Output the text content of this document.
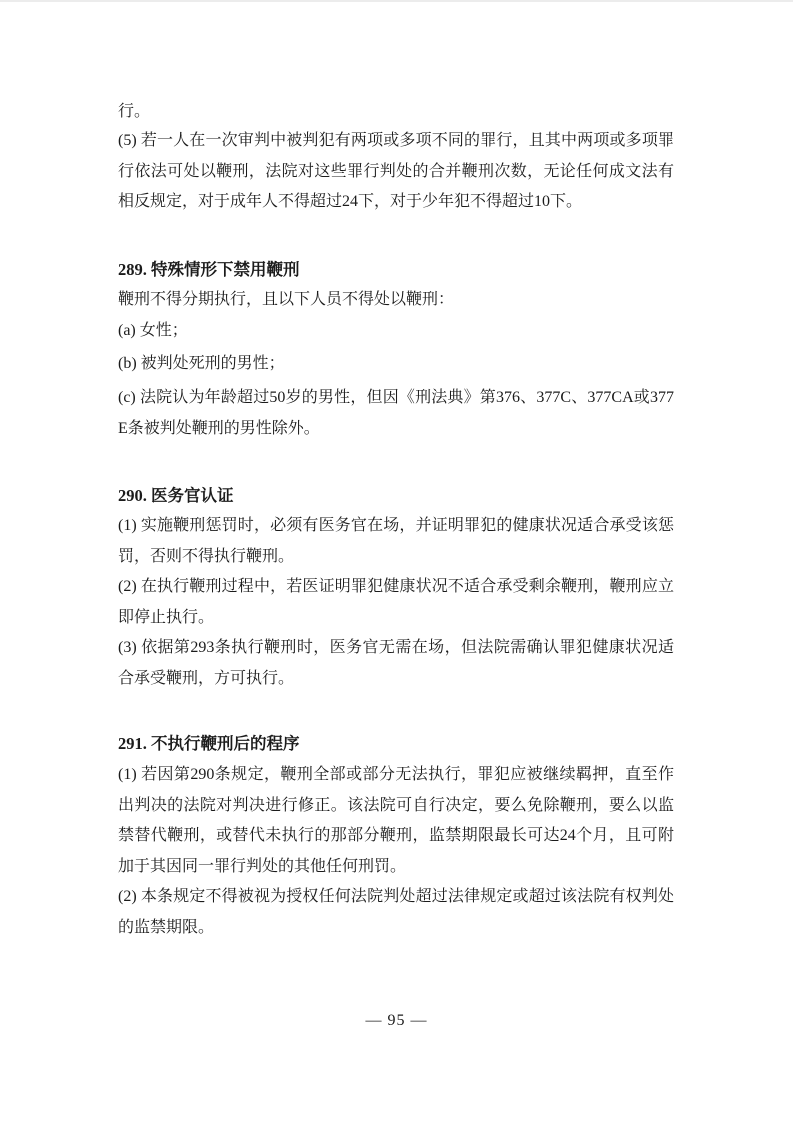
行。

(5) 若一人在一次审判中被判犯有两项或多项不同的罪行，且其中两项或多项罪行依法可处以鞭刑，法院对这些罪行判处的合并鞭刑次数，无论任何成文法有相反规定，对于成年人不得超过24下，对于少年犯不得超过10下。

289. 特殊情形下禁用鞭刑

鞭刑不得分期执行，且以下人员不得处以鞭刑：

(a) 女性；

(b) 被判处死刑的男性；

(c) 法院认为年龄超过50岁的男性，但因《刑法典》第376、377C、377CA或377E条被判处鞭刑的男性除外。

290. 医务官认证

(1) 实施鞭刑惩罚时，必须有医务官在场，并证明罪犯的健康状况适合承受该惩罚，否则不得执行鞭刑。

(2) 在执行鞭刑过程中，若医证明罪犯健康状况不适合承受剩余鞭刑，鞭刑应立即停止执行。

(3) 依据第293条执行鞭刑时，医务官无需在场，但法院需确认罪犯健康状况适合承受鞭刑，方可执行。

291. 不执行鞭刑后的程序

(1) 若因第290条规定，鞭刑全部或部分无法执行，罪犯应被继续羁押，直至作出判决的法院对判决进行修正。该法院可自行决定，要么免除鞭刑，要么以监禁替代鞭刑，或替代未执行的那部分鞭刑，监禁期限最长可达24个月，且可附加于其因同一罪行判处的其他任何刑罚。

(2) 本条规定不得被视为授权任何法院判处超过法律规定或超过该法院有权判处的监禁期限。

— 95 —
